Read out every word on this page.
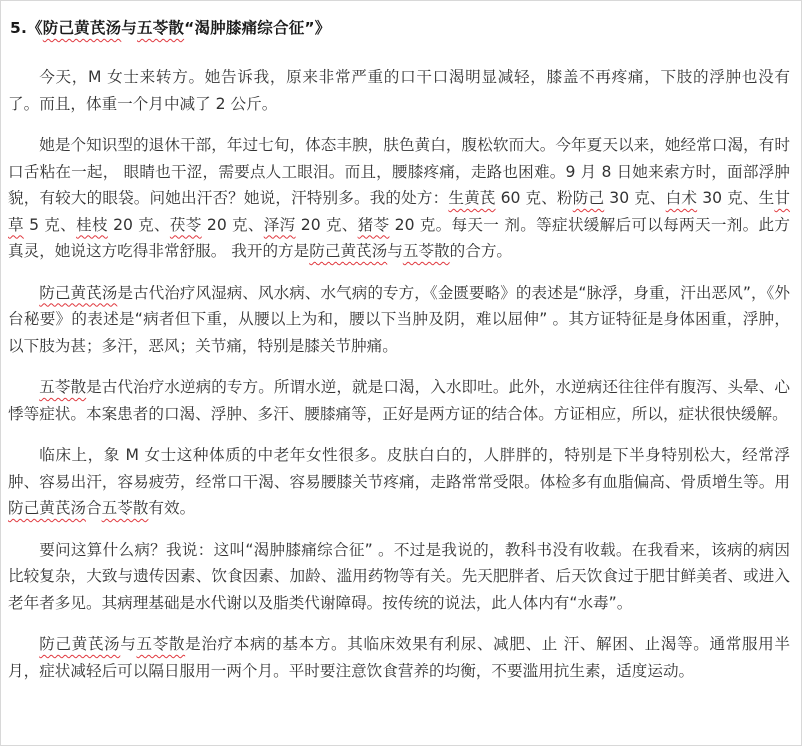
5.《防己黄芪汤与五苓散“渴肿膝痛综合征”》

今天，M 女士来转方。她告诉我，原来非常严重的口干口渴明显减轻，膝盖不再疼痛，下肢的浮肿也没有了。而且，体重一个月中减了 2 公斤。

她是个知识型的退休干部，年过七旬，体态丰腴，肤色黄白，腹松软而大。今年夏天以来，她经常口渴，有时口舌粘在一起， 眼睛也干涩，需要点人工眼泪。而且，腰膝疼痛，走路也困难。9 月 8 日她来索方时，面部浮肿貌，有较大的眼袋。问她出汗否？她说，汗特别多。我的处方：生黄芪 60 克、粉防己 30 克、白术 30 克、生甘草 5 克、桂枝 20 克、茯苓 20 克、泽泻 20 克、猪苓 20 克。每天一 剂。等症状缓解后可以每两天一剂。此方真灵，她说这方吃得非常舒服。 我开的方是防己黄芪汤与五苓散的合方。

防己黄芪汤是古代治疗风湿病、风水病、水气病的专方，《金匮要略》的表述是“脉浮，身重，汗出恶风”，《外台秘要》的表述是“病者但下重，从腰以上为和，腰以下当肿及阴，难以屈伸” 。其方证特征是身体困重，浮肿，以下肢为甚；多汗，恶风；关节痛，特别是膝关节肿痛。

五苓散是古代治疗水逆病的专方。所谓水逆，就是口渴，入水即吐。此外，水逆病还往往伴有腹泻、头晕、心悸等症状。本案患者的口渴、浮肿、多汗、腰膝痛等，正好是两方证的结合体。方证相应，所以，症状很快缓解。

临床上，象 M 女士这种体质的中老年女性很多。皮肤白白的，人胖胖的，特别是下半身特别松大，经常浮肿、容易出汗，容易疲劳，经常口干渴、容易腰膝关节疼痛，走路常常受限。体检多有血脂偏高、骨质增生等。用防己黄芪汤合五苓散有效。

要问这算什么病？我说：这叫“渴肿膝痛综合征” 。不过是我说的，教科书没有收载。在我看来，该病的病因比较复杂，大致与遗传因素、饮食因素、加龄、滥用药物等有关。先天肥胖者、后天饮食过于肥甘鲜美者、或进入老年者多见。其病理基础是水代谢以及脂类代谢障碍。按传统的说法，此人体内有“水毒”。

防己黄芪汤与五苓散是治疗本病的基本方。其临床效果有利尿、减肥、止 汗、解困、止渴等。通常服用半月，症状减轻后可以隔日服用一两个月。平时要注意饮食营养的均衡，不要滥用抗生素，适度运动。
